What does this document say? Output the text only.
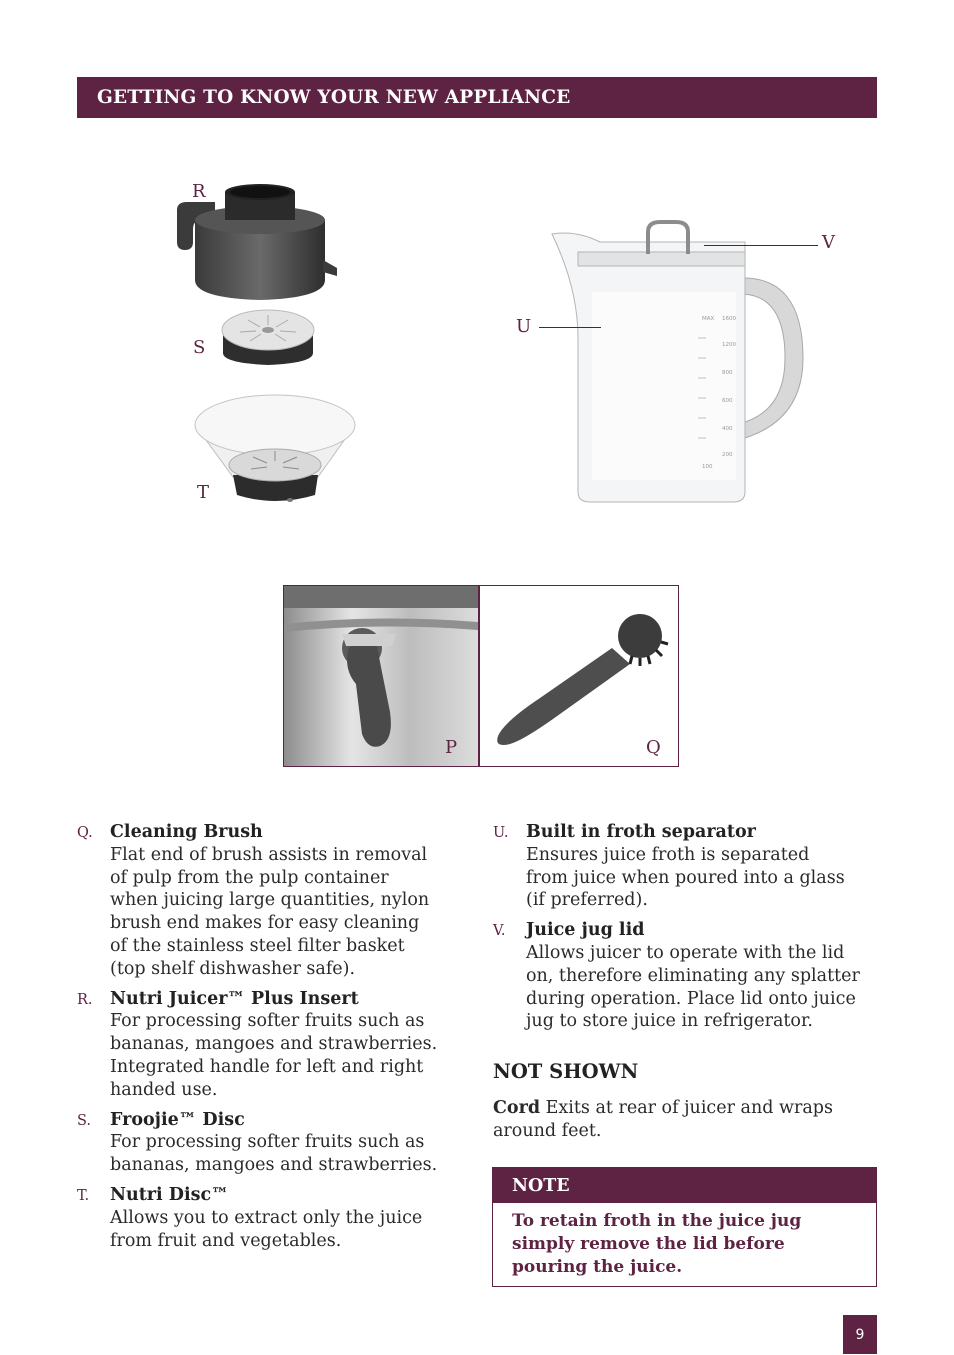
GETTING TO KNOW YOUR NEW APPLIANCE
R
S
T
MAX 1600
1200
800
600
400
200
100
U
V
P	Q
Q. Cleaning Brush
Flat end of brush assists in removal of pulp from the pulp container when juicing large quantities, nylon brush end makes for easy cleaning of the stainless steel filter basket (top shelf dishwasher safe).
R. Nutri Juicer™ Plus Insert
For processing softer fruits such as bananas, mangoes and strawberries. Integrated handle for left and right handed use.
S. Froojie™ Disc
For processing softer fruits such as bananas, mangoes and strawberries.
T. Nutri Disc™
Allows you to extract only the juice from fruit and vegetables.
U. Built in froth separator
Ensures juice froth is separated from juice when poured into a glass (if preferred).
V. Juice jug lid
Allows juicer to operate with the lid on, therefore eliminating any splatter during operation. Place lid onto juice jug to store juice in refrigerator.
NOT SHOWN
Cord Exits at rear of juicer and wraps around feet.
NOTE
To retain froth in the juice jug simply remove the lid before pouring the juice.
9
